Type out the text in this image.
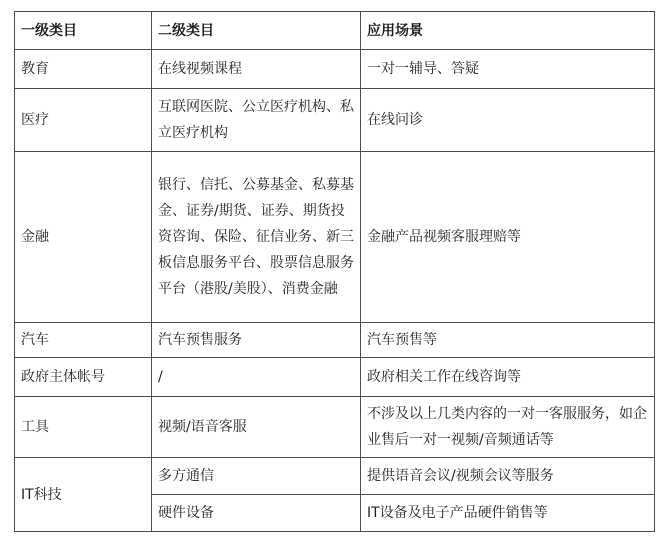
一级类目	二级类目	应用场景
教育	在线视频课程	一对一辅导、答疑
医疗	互联网医院、公立医疗机构、私立医疗机构	在线问诊
金融	银行、信托、公募基金、私募基金、证券/期货、证券、期货投资咨询、保险、征信业务、新三板信息服务平台、股票信息服务平台（港股/美股）、消费金融	金融产品视频客服理赔等
汽车	汽车预售服务	汽车预售等
政府主体帐号	/	政府相关工作在线咨询等
工具	视频/语音客服	不涉及以上几类内容的一对一客服服务，如企业售后一对一视频/音频通话等
IT科技	多方通信	提供语音会议/视频会议等服务
	硬件设备	IT设备及电子产品硬件销售等
